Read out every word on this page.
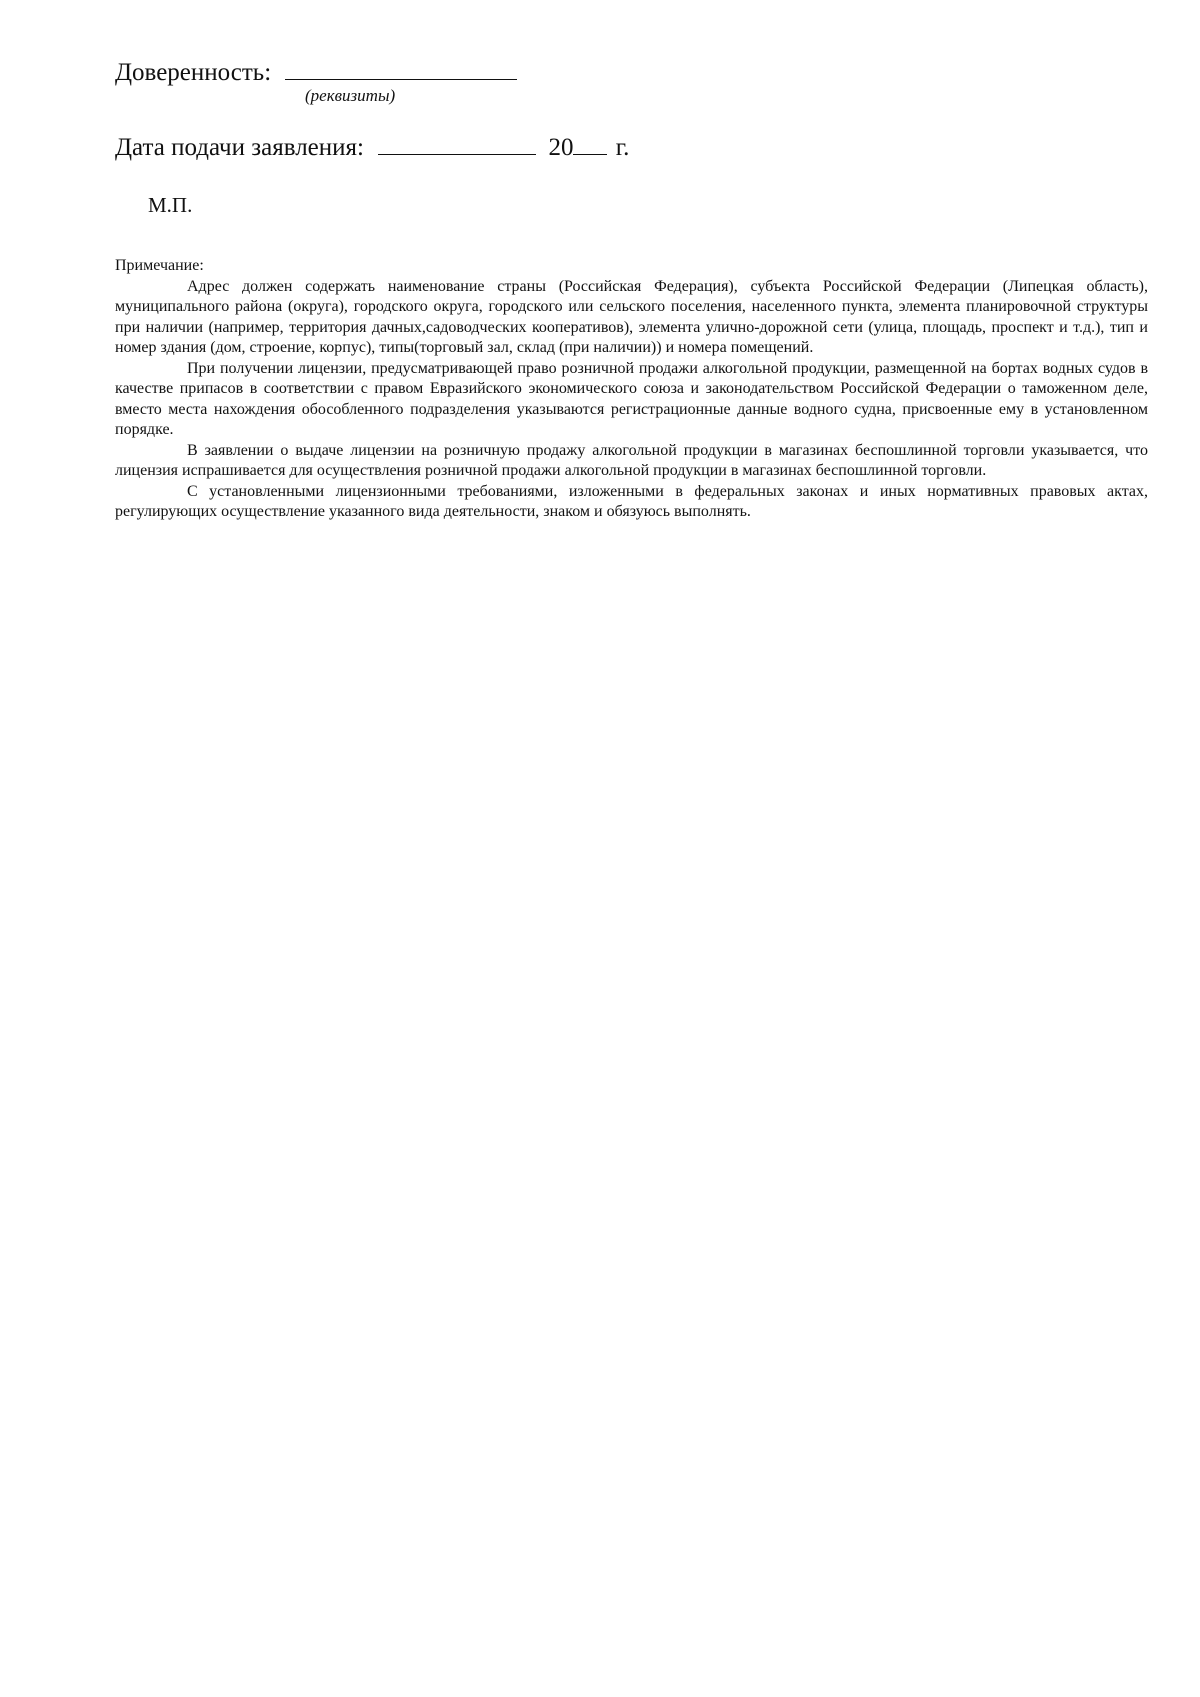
Доверенность:
(реквизиты)
Дата подачи заявления:	20 г.
М.П.

Примечание:

Адрес должен содержать наименование страны (Российская Федерация), субъекта Российской Федерации (Липецкая область), муниципального района (округа), городского округа, городского или сельского поселения, населенного пункта, элемента планировочной структуры при наличии (например, территория дачных,садоводческих кооперативов), элемента улично-дорожной сети (улица, площадь, проспект и т.д.), тип и номер здания (дом, строение, корпус), типы(торговый зал, склад (при наличии)) и номера помещений.

При получении лицензии, предусматривающей право розничной продажи алкогольной продукции, размещенной на бортах водных судов в качестве припасов в соответствии с правом Евразийского экономического союза и законодательством Российской Федерации о таможенном деле, вместо места нахождения обособленного подразделения указываются регистрационные данные водного судна, присвоенные ему в установленном порядке.

В заявлении о выдаче лицензии на розничную продажу алкогольной продукции в магазинах беспошлинной торговли указывается, что лицензия испрашивается для осуществления розничной продажи алкогольной продукции в магазинах беспошлинной торговли.

С установленными лицензионными требованиями, изложенными в федеральных законах и иных нормативных правовых актах, регулирующих осуществление указанного вида деятельности, знаком и обязуюсь выполнять.
